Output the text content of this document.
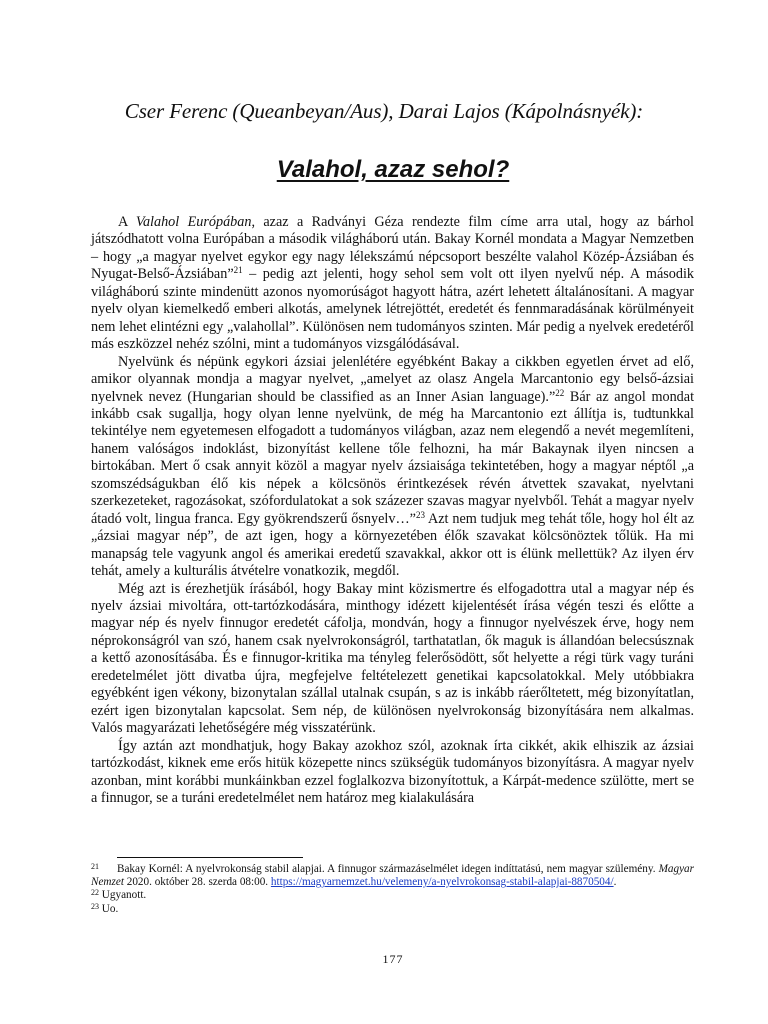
Cser Ferenc (Queanbeyan/Aus), Darai Lajos (Kápolnásnyék):
Valahol, azaz sehol?

A Valahol Európában, azaz a Radványi Géza rendezte film címe arra utal, hogy az bárhol játszódhatott volna Európában a második világháború után. Bakay Kornél mondata a Magyar Nemzetben – hogy „a magyar nyelvet egykor egy nagy lélekszámú népcsoport beszélte valahol Közép-Ázsiában és Nyugat-Belső-Ázsiában”$^{21}$ – pedig azt jelenti, hogy sehol sem volt ott ilyen nyelvű nép. A második világháború szinte mindenütt azonos nyomorúságot hagyott hátra, azért lehetett általánosítani. A magyar nyelv olyan kiemelkedő emberi alkotás, amelynek létrejöttét, eredetét és fennmaradásának körülményeit nem lehet elintézni egy „valahollal”. Különösen nem tudományos szinten. Már pedig a nyelvek eredetéről más eszközzel nehéz szólni, mint a tudományos vizsgálódásával.

Nyelvünk és népünk egykori ázsiai jelenlétére egyébként Bakay a cikkben egyetlen érvet ad elő, amikor olyannak mondja a magyar nyelvet, „amelyet az olasz Angela Marcantonio egy belső-ázsiai nyelvnek nevez (Hungarian should be classified as an Inner Asian language).”$^{22}$ Bár az angol mondat inkább csak sugallja, hogy olyan lenne nyelvünk, de még ha Marcantonio ezt állítja is, tudtunkkal tekintélye nem egyetemesen elfogadott a tudományos világban, azaz nem elegendő a nevét megemlíteni, hanem valóságos indoklást, bizonyítást kellene tőle felhozni, ha már Bakaynak ilyen nincsen a birtokában. Mert ő csak annyit közöl a magyar nyelv ázsiaisága tekintetében, hogy a magyar néptől „a szomszédságukban élő kis népek a kölcsönös érintkezések révén átvettek szavakat, nyelvtani szerkezeteket, ragozásokat, szófordulatokat a sok százezer szavas magyar nyelvből. Tehát a magyar nyelv átadó volt, lingua franca. Egy gyökrendszerű ősnyelv…”$^{23}$ Azt nem tudjuk meg tehát tőle, hogy hol élt az „ázsiai magyar nép”, de azt igen, hogy a környezetében élők szavakat kölcsönöztek tőlük. Ha mi manapság tele vagyunk angol és amerikai eredetű szavakkal, akkor ott is élünk mellettük? Az ilyen érv tehát, amely a kulturális átvételre vonatkozik, megdől.

Még azt is érezhetjük írásából, hogy Bakay mint közismertre és elfogadottra utal a magyar nép és nyelv ázsiai mivoltára, ott-tartózkodására, minthogy idézett kijelentését írása végén teszi és előtte a magyar nép és nyelv finnugor eredetét cáfolja, mondván, hogy a finnugor nyelvészek érve, hogy nem néprokonságról van szó, hanem csak nyelvrokonságról, tarthatatlan, ők maguk is állandóan belecsúsznak a kettő azonosításába. És e finnugor-kritika ma tényleg felerősödött, sőt helyette a régi türk vagy turáni eredetelmélet jött divatba újra, megfejelve feltételezett genetikai kapcsolatokkal. Mely utóbbiakra egyébként igen vékony, bizonytalan szállal utalnak csupán, s az is inkább ráerőltetett, még bizonyítatlan, ezért igen bizonytalan kapcsolat. Sem nép, de különösen nyelvrokonság bizonyítására nem alkalmas. Valós magyarázati lehetőségére még visszatérünk.

Így aztán azt mondhatjuk, hogy Bakay azokhoz szól, azoknak írta cikkét, akik elhiszik az ázsiai tartózkodást, kiknek eme erős hitük közepette nincs szükségük tudományos bizonyításra. A magyar nyelv azonban, mint korábbi munkáinkban ezzel foglalkozva bizonyítottuk, a Kárpát-medence szülötte, mert se a finnugor, se a turáni eredetelmélet nem határoz meg kialakulására

21 Bakay Kornél: A nyelvrokonság stabil alapjai. A finnugor származáselmélet idegen indíttatású, nem magyar szülemény. Magyar Nemzet 2020. október 28. szerda 08:00. https://magyarnemzet.hu/velemeny/a-nyelvrokonsag-stabil-alapjai-8870504/.

$^{22}$ Ugyanott.

$^{23}$ Uo.

177
